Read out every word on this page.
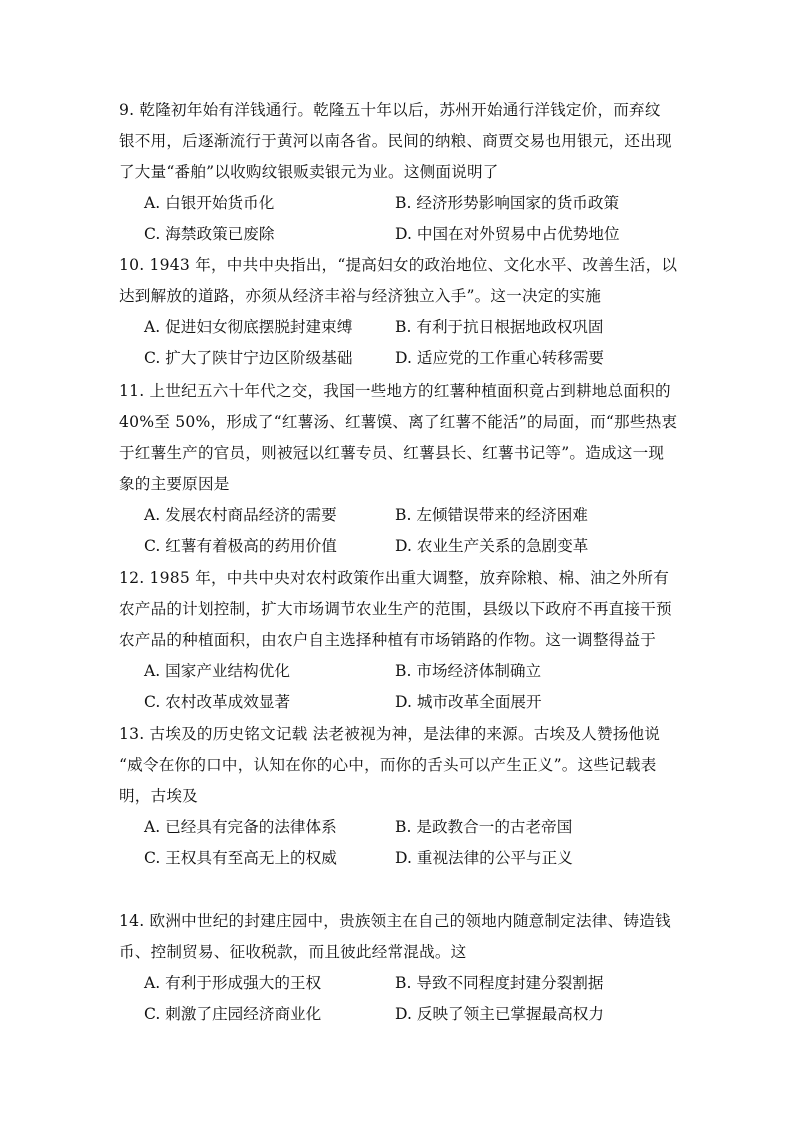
9. 乾隆初年始有洋钱通行。乾隆五十年以后，苏州开始通行洋钱定价，而弃纹
银不用，后逐渐流行于黄河以南各省。民间的纳粮、商贾交易也用银元，还出现
了大量“番舶”以收购纹银贩卖银元为业。这侧面说明了
A. 白银开始货币化	B. 经济形势影响国家的货币政策
C. 海禁政策已废除	D. 中国在对外贸易中占优势地位
10. 1943 年，中共中央指出，“提高妇女的政治地位、文化水平、改善生活，以
达到解放的道路，亦须从经济丰裕与经济独立入手”。这一决定的实施
A. 促进妇女彻底摆脱封建束缚	B. 有利于抗日根据地政权巩固
C. 扩大了陕甘宁边区阶级基础	D. 适应党的工作重心转移需要
11. 上世纪五六十年代之交，我国一些地方的红薯种植面积竟占到耕地总面积的
40%至 50%，形成了“红薯汤、红薯馍、离了红薯不能活”的局面，而“那些热衷
于红薯生产的官员，则被冠以红薯专员、红薯县长、红薯书记等”。造成这一现
象的主要原因是
A. 发展农村商品经济的需要	B. 左倾错误带来的经济困难
C. 红薯有着极高的药用价值	D. 农业生产关系的急剧变革
12. 1985 年，中共中央对农村政策作出重大调整，放弃除粮、棉、油之外所有
农产品的计划控制，扩大市场调节农业生产的范围，县级以下政府不再直接干预
农产品的种植面积，由农户自主选择种植有市场销路的作物。这一调整得益于
A. 国家产业结构优化	B. 市场经济体制确立
C. 农村改革成效显著	D. 城市改革全面展开
13. 古埃及的历史铭文记载 法老被视为神，是法律的来源。古埃及人赞扬他说
“威令在你的口中，认知在你的心中，而你的舌头可以产生正义”。这些记载表
明，古埃及
A. 已经具有完备的法律体系	B. 是政教合一的古老帝国
C. 王权具有至高无上的权威	D. 重视法律的公平与正义
14. 欧洲中世纪的封建庄园中，贵族领主在自己的领地内随意制定法律、铸造钱
币、控制贸易、征收税款，而且彼此经常混战。这
A. 有利于形成强大的王权	B. 导致不同程度封建分裂割据
C. 刺激了庄园经济商业化	D. 反映了领主已掌握最高权力
